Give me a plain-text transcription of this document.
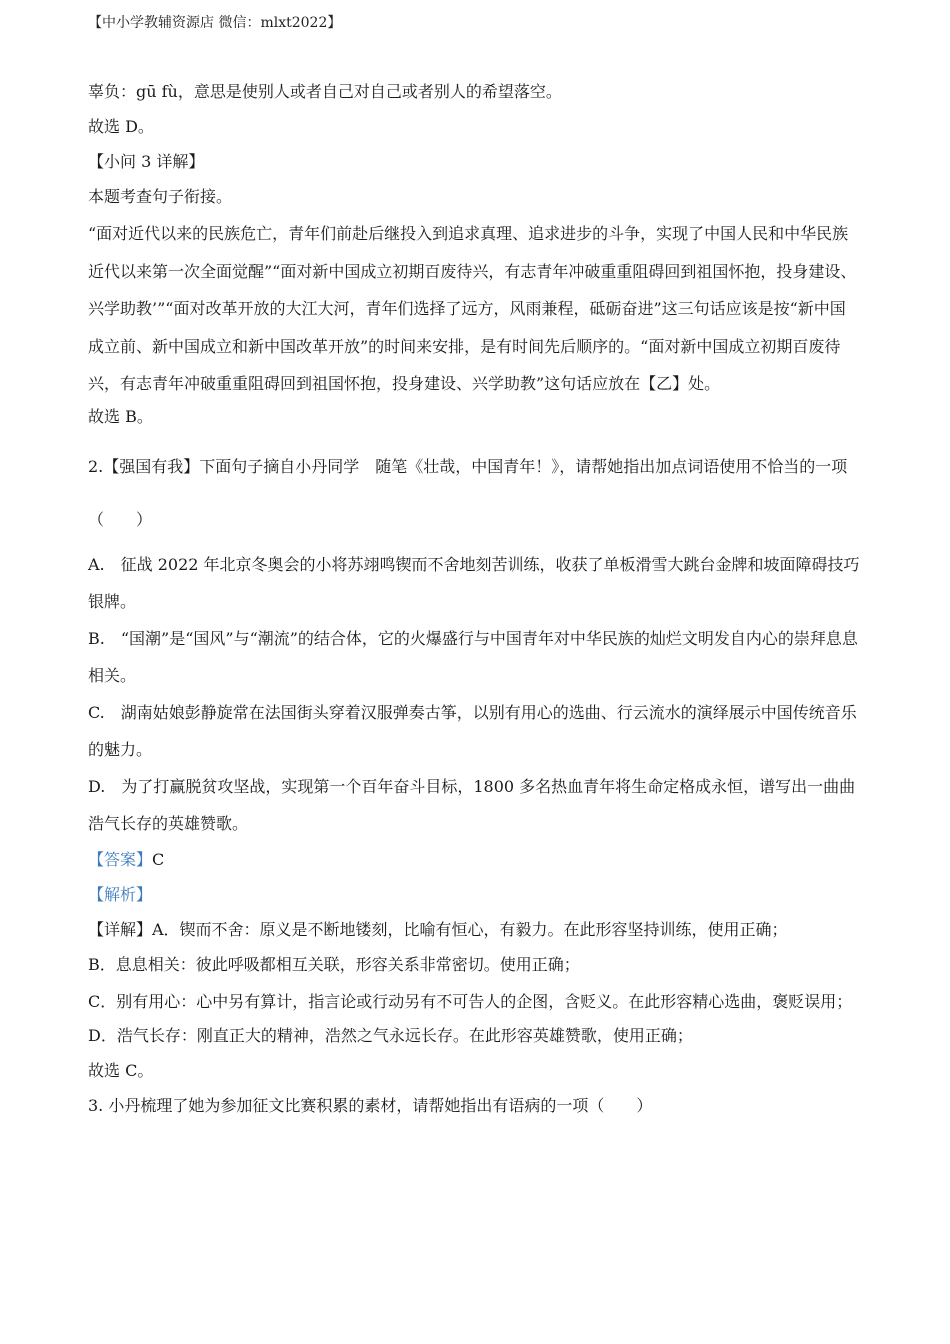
【中小学教辅资源店 微信：mlxt2022】
辜负：gū fù，意思是使别人或者自己对自己或者别人的希望落空。
故选 D。
【小问 3 详解】
本题考查句子衔接。
“面对近代以来的民族危亡，青年们前赴后继投入到追求真理、追求进步的斗争，实现了中国人民和中华民族近代以来第一次全面觉醒”“面对新中国成立初期百废待兴，有志青年冲破重重阻碍回到祖国怀抱，投身建设、兴学助教’”“面对改革开放的大江大河，青年们选择了远方，风雨兼程，砥砺奋进”这三句话应该是按“新中国成立前、新中国成立和新中国改革开放”的时间来安排，是有时间先后顺序的。“面对新中国成立初期百废待兴，有志青年冲破重重阻碍回到祖国怀抱，投身建设、兴学助教”这句话应放在【乙】处。
故选 B。
2.【强国有我】下面句子摘自小丹同学　随笔《壮哉，中国青年！》，请帮她指出加点词语使用不恰当的一项（　　）
A.　征战 2022 年北京冬奥会的小将苏翊鸣锲而不舍地刻苦训练，收获了单板滑雪大跳台金牌和坡面障碍技巧银牌。
B.　“国潮”是“国风”与“潮流”的结合体，它的火爆盛行与中国青年对中华民族的灿烂文明发自内心的崇拜息息相关。
C.　湖南姑娘彭静旋常在法国街头穿着汉服弹奏古筝，以别有用心的选曲、行云流水的演绎展示中国传统音乐的魅力。
D.　为了打赢脱贫攻坚战，实现第一个百年奋斗目标，1800 多名热血青年将生命定格成永恒，谱写出一曲曲浩气长存的英雄赞歌。
【答案】C
【解析】
【详解】A．锲而不舍：原义是不断地镂刻，比喻有恒心，有毅力。在此形容坚持训练，使用正确；
B．息息相关：彼此呼吸都相互关联，形容关系非常密切。使用正确；
C．别有用心：心中另有算计，指言论或行动另有不可告人的企图，含贬义。在此形容精心选曲，褒贬误用；
D．浩气长存：刚直正大的精神，浩然之气永远长存。在此形容英雄赞歌，使用正确；
故选 C。
3. 小丹梳理了她为参加征文比赛积累的素材，请帮她指出有语病的一项（　　）
